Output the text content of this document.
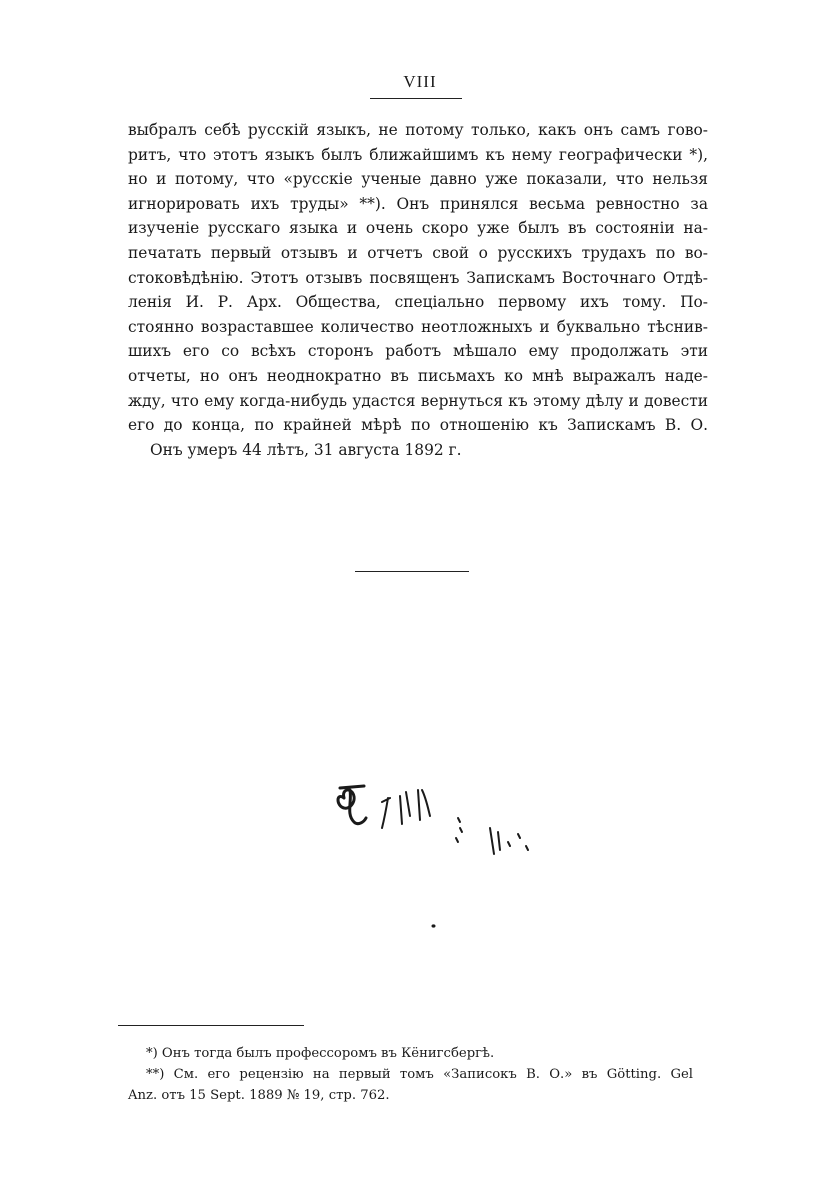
VIII
выбралъ себѣ русскій языкъ, не потому только, какъ онъ самъ гово-
ритъ, что этотъ языкъ былъ ближайшимъ къ нему географически *),
но и потому, что «русскіе ученые давно уже показали, что нельзя
игнорировать ихъ труды» **). Онъ принялся весьма ревностно за
изученіе русскаго языка и очень скоро уже былъ въ состояніи на-
печатать первый отзывъ и отчетъ свой о русскихъ трудахъ по во-
стоковѣдѣнію. Этотъ отзывъ посвященъ Запискамъ Восточнаго Отдѣ-
ленія И. Р. Арх. Общества, спеціально первому ихъ тому. По-
стоянно возраставшее количество неотложныхъ и буквально тѣснив-
шихъ его со всѣхъ сторонъ работъ мѣшало ему продолжать эти
отчеты, но онъ неоднократно въ письмахъ ко мнѣ выражалъ наде-
жду, что ему когда-нибудь удастся вернуться къ этому дѣлу и довести
его до конца, по крайней мѣрѣ по отношенію къ Запискамъ В. О.
Онъ умеръ 44 лѣтъ, 31 августа 1892 г.
*) Онъ тогда былъ профессоромъ въ Кёнигсбергѣ.
**) См. его рецензію на первый томъ «Записокъ В. О.» въ Götting. Gel
Anz. отъ 15 Sept. 1889 № 19, стр. 762.
